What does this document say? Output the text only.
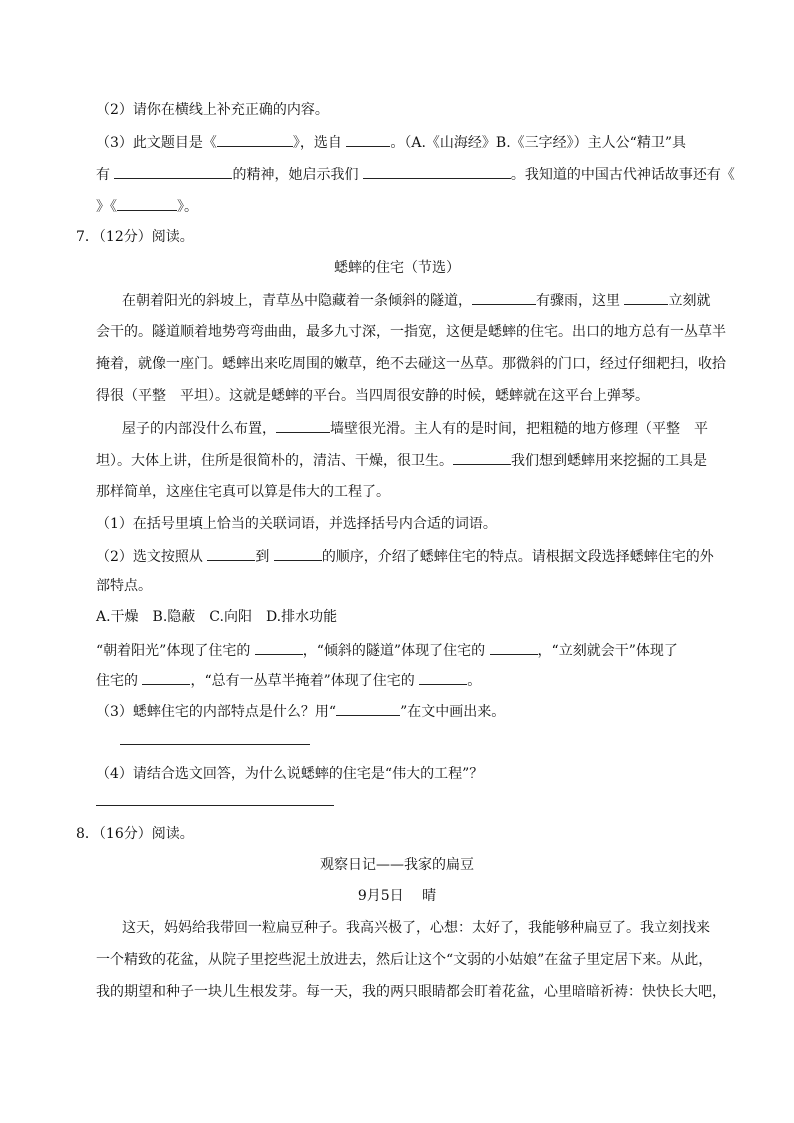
（2）请你在横线上补充正确的内容。
（3）此文题目是《	》，选自	。（A.《山海经》B.《三字经》）主人公“精卫”具
有	的精神，她启示我们	。我知道的中国古代神话故事还有《
》《	》。
7．（12分）阅读。
蟋蟀的住宅（节选）
在朝着阳光的斜坡上，青草丛中隐藏着一条倾斜的隧道，	有骤雨，这里	立刻就
会干的。隧道顺着地势弯弯曲曲，最多九寸深，一指宽，这便是蟋蟀的住宅。出口的地方总有一丛草半
掩着，就像一座门。蟋蟀出来吃周围的嫩草，绝不去碰这一丛草。那微斜的门口，经过仔细耙扫，收拾
得很（平整　平坦）。这就是蟋蟀的平台。当四周很安静的时候，蟋蟀就在这平台上弹琴。
屋子的内部没什么布置，	墙壁很光滑。主人有的是时间，把粗糙的地方修理（平整　平
坦）。大体上讲，住所是很简朴的，清洁、干燥，很卫生。	我们想到蟋蟀用来挖掘的工具是
那样简单，这座住宅真可以算是伟大的工程了。
（1）在括号里填上恰当的关联词语，并选择括号内合适的词语。
（2）选文按照从	到	的顺序，介绍了蟋蟀住宅的特点。请根据文段选择蟋蟀住宅的外
部特点。
A.干燥　B.隐蔽　C.向阳　D.排水功能
“朝着阳光”体现了住宅的	，“倾斜的隧道”体现了住宅的	，“立刻就会干”体现了
住宅的	，“总有一丛草半掩着”体现了住宅的	。
（3）蟋蟀住宅的内部特点是什么？用“	”在文中画出来。
（4）请结合选文回答，为什么说蟋蟀的住宅是“伟大的工程”？
8．（16分）阅读。
观察日记——我家的扁豆
9月5日　 晴
这天，妈妈给我带回一粒扁豆种子。我高兴极了，心想：太好了，我能够种扁豆了。我立刻找来
一个精致的花盆，从院子里挖些泥土放进去，然后让这个“文弱的小姑娘”在盆子里定居下来。从此，
我的期望和种子一块儿生根发芽。每一天，我的两只眼睛都会盯着花盆，心里暗暗祈祷：快快长大吧，
